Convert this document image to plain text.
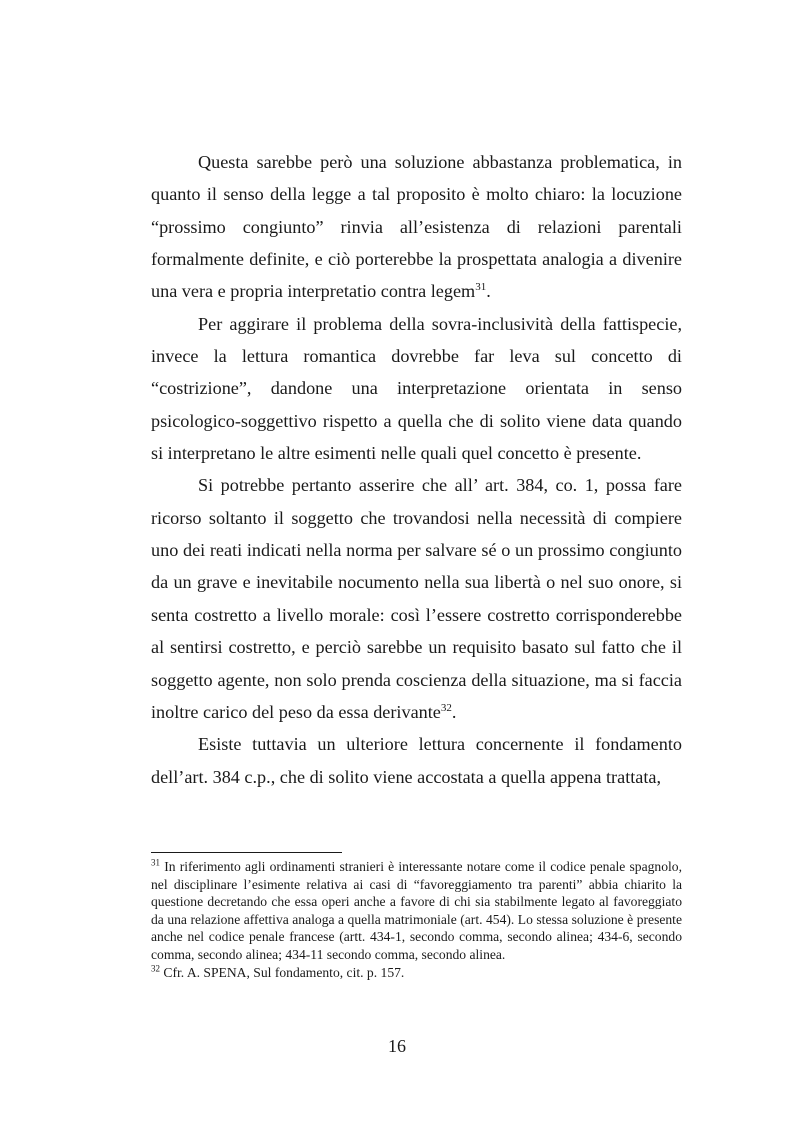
Questa sarebbe però una soluzione abbastanza problematica, in quanto il senso della legge a tal proposito è molto chiaro: la locuzione “prossimo congiunto” rinvia all’esistenza di relazioni parentali formalmente definite, e ciò porterebbe la prospettata analogia a divenire una vera e propria interpretatio contra legem$^{31}$.

Per aggirare il problema della sovra-inclusività della fattispecie, invece la lettura romantica dovrebbe far leva sul concetto di “costrizione”, dandone una interpretazione orientata in senso psicologico-soggettivo rispetto a quella che di solito viene data quando si interpretano le altre esimenti nelle quali quel concetto è presente.

Si potrebbe pertanto asserire che all’ art. 384, co. 1, possa fare ricorso soltanto il soggetto che trovandosi nella necessità di compiere uno dei reati indicati nella norma per salvare sé o un prossimo congiunto da un grave e inevitabile nocumento nella sua libertà o nel suo onore, si senta costretto a livello morale: così l’essere costretto corrisponderebbe al sentirsi costretto, e perciò sarebbe un requisito basato sul fatto che il soggetto agente, non solo prenda coscienza della situazione, ma si faccia inoltre carico del peso da essa derivante$^{32}$.

Esiste tuttavia un ulteriore lettura concernente il fondamento dell’art. 384 c.p., che di solito viene accostata a quella appena trattata,

$^{31}$ In riferimento agli ordinamenti stranieri è interessante notare come il codice penale spagnolo, nel disciplinare l’esimente relativa ai casi di “favoreggiamento tra parenti” abbia chiarito la questione decretando che essa operi anche a favore di chi sia stabilmente legato al favoreggiato da una relazione affettiva analoga a quella matrimoniale (art. 454). Lo stessa soluzione è presente anche nel codice penale francese (artt. 434-1, secondo comma, secondo alinea; 434-6, secondo comma, secondo alinea; 434-11 secondo comma, secondo alinea.

$^{32}$ Cfr. A. SPENA, Sul fondamento, cit. p. 157.

16
